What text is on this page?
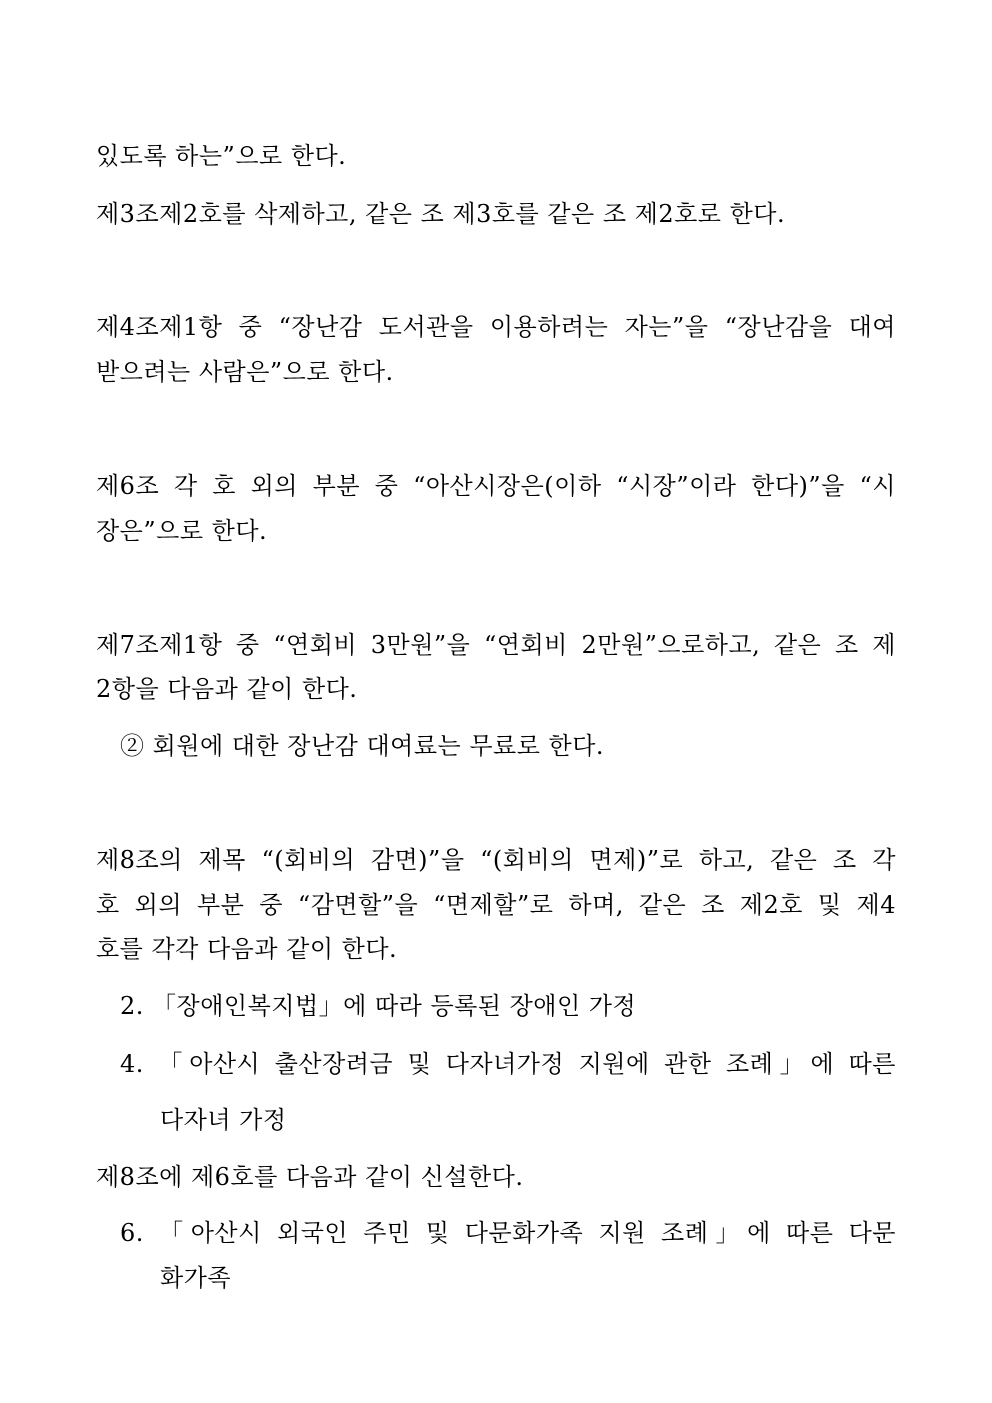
있도록 하는”으로 한다.
제3조제2호를 삭제하고, 같은 조 제3호를 같은 조 제2호로 한다.
제4조제1항 중 “장난감 도서관을 이용하려는 자는”을 “장난감을 대여
받으려는 사람은”으로 한다.
제6조 각 호 외의 부분 중 “아산시장은(이하 “시장”이라 한다)”을 “시
장은”으로 한다.
제7조제1항 중 “연회비 3만원”을 “연회비 2만원”으로하고, 같은 조 제
2항을 다음과 같이 한다.
② 회원에 대한 장난감 대여료는 무료로 한다.
제8조의 제목 “(회비의 감면)”을 “(회비의 면제)”로 하고, 같은 조 각
호 외의 부분 중 “감면할”을 “면제할”로 하며, 같은 조 제2호 및 제4
호를 각각 다음과 같이 한다.
2. 「장애인복지법」에 따라 등록된 장애인 가정
4. 「아산시 출산장려금 및 다자녀가정 지원에 관한 조례」에 따른
다자녀 가정
제8조에 제6호를 다음과 같이 신설한다.
6. 「아산시 외국인 주민 및 다문화가족 지원 조례」에 따른 다문
화가족
